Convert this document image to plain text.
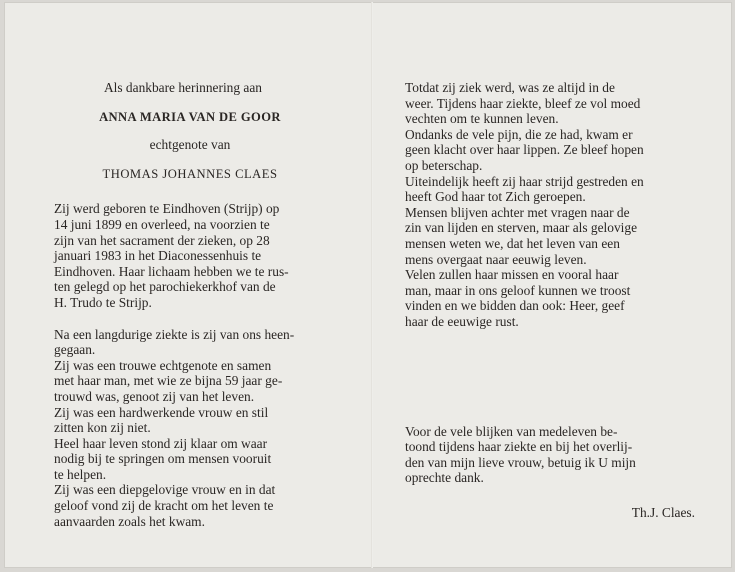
Als dankbare herinnering aan
ANNA MARIA VAN DE GOOR
echtgenote van
THOMAS JOHANNES CLAES
Zij werd geboren te Eindhoven (Strijp) op
14 juni 1899 en overleed, na voorzien te
zijn van het sacrament der zieken, op 28
januari 1983 in het Diaconessenhuis te
Eindhoven. Haar lichaam hebben we te rus-
ten gelegd op het parochiekerkhof van de
H. Trudo te Strijp.
Na een langdurige ziekte is zij van ons heen-
gegaan.
Zij was een trouwe echtgenote en samen
met haar man, met wie ze bijna 59 jaar ge-
trouwd was, genoot zij van het leven.
Zij was een hardwerkende vrouw en stil
zitten kon zij niet.
Heel haar leven stond zij klaar om waar
nodig bij te springen om mensen vooruit
te helpen.
Zij was een diepgelovige vrouw en in dat
geloof vond zij de kracht om het leven te
aanvaarden zoals het kwam.
Totdat zij ziek werd, was ze altijd in de
weer. Tijdens haar ziekte, bleef ze vol moed
vechten om te kunnen leven.
Ondanks de vele pijn, die ze had, kwam er
geen klacht over haar lippen. Ze bleef hopen
op beterschap.
Uiteindelijk heeft zij haar strijd gestreden en
heeft God haar tot Zich geroepen.
Mensen blijven achter met vragen naar de
zin van lijden en sterven, maar als gelovige
mensen weten we, dat het leven van een
mens overgaat naar eeuwig leven.
Velen zullen haar missen en vooral haar
man, maar in ons geloof kunnen we troost
vinden en we bidden dan ook: Heer, geef
haar de eeuwige rust.
Voor de vele blijken van medeleven be-
toond tijdens haar ziekte en bij het overlij-
den van mijn lieve vrouw, betuig ik U mijn
oprechte dank.
Th.J. Claes.
